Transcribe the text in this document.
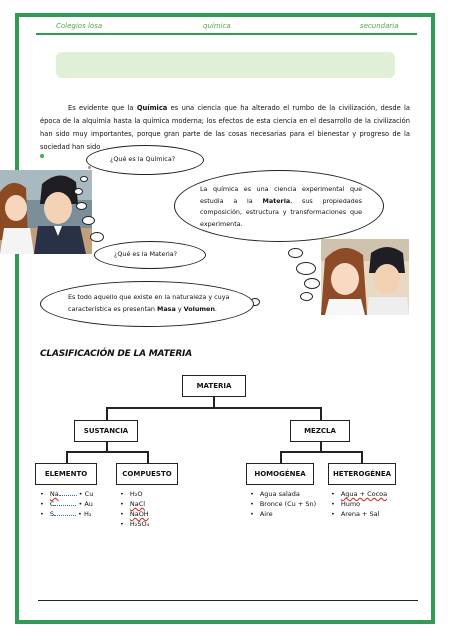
Colegios losa	química	secundaria

Es evidente que la Química es una ciencia que ha alterado el rumbo de la civilización, desde la época de la alquimia hasta la química moderna; los efectos de esta ciencia en el desarrollo de la civilización han sido muy importantes, porque gran parte de las cosas necesarias para el bienestar y progreso de la sociedad han sido

¿Qué es la Química?

La química es una ciencia experimental que estudia a la Materia, sus propiedades composición, estructura y transformaciones que experimenta.

¿Qué es la Materia?

Es todo aquello que existe en la naturaleza y cuya característica es presentan Masa y Volumen.

CLASIFICACIÓN DE LA MATERIA
MATERIA
SUSTANCIA	MEZCLA
ELEMENTO	COMPUESTO	HOMOGÉNEA	HETEROGÉNEA
• Na	• Cu
• C	• Au
• S	• H₂
• H₂O
• NaCl
• NaOH
• H₂SO₄
• Agua salada
• Bronce (Cu + Sn)
• Aire
• Agua + Cocoa
• Humo
• Arena + Sal
